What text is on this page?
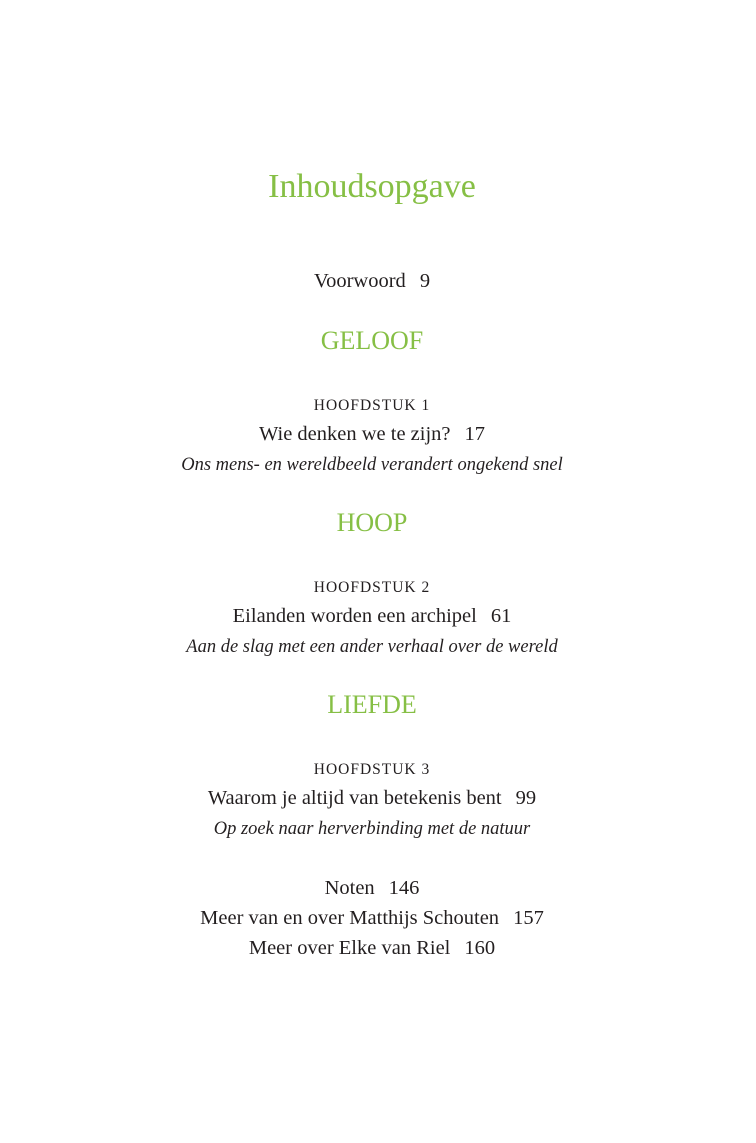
Inhoudsopgave
Voorwoord 9
GELOOF
HOOFDSTUK 1
Wie denken we te zijn? 17
Ons mens- en wereldbeeld verandert ongekend snel
HOOP
HOOFDSTUK 2
Eilanden worden een archipel 61
Aan de slag met een ander verhaal over de wereld
LIEFDE
HOOFDSTUK 3
Waarom je altijd van betekenis bent 99
Op zoek naar herverbinding met de natuur
Noten 146
Meer van en over Matthijs Schouten 157
Meer over Elke van Riel 160
